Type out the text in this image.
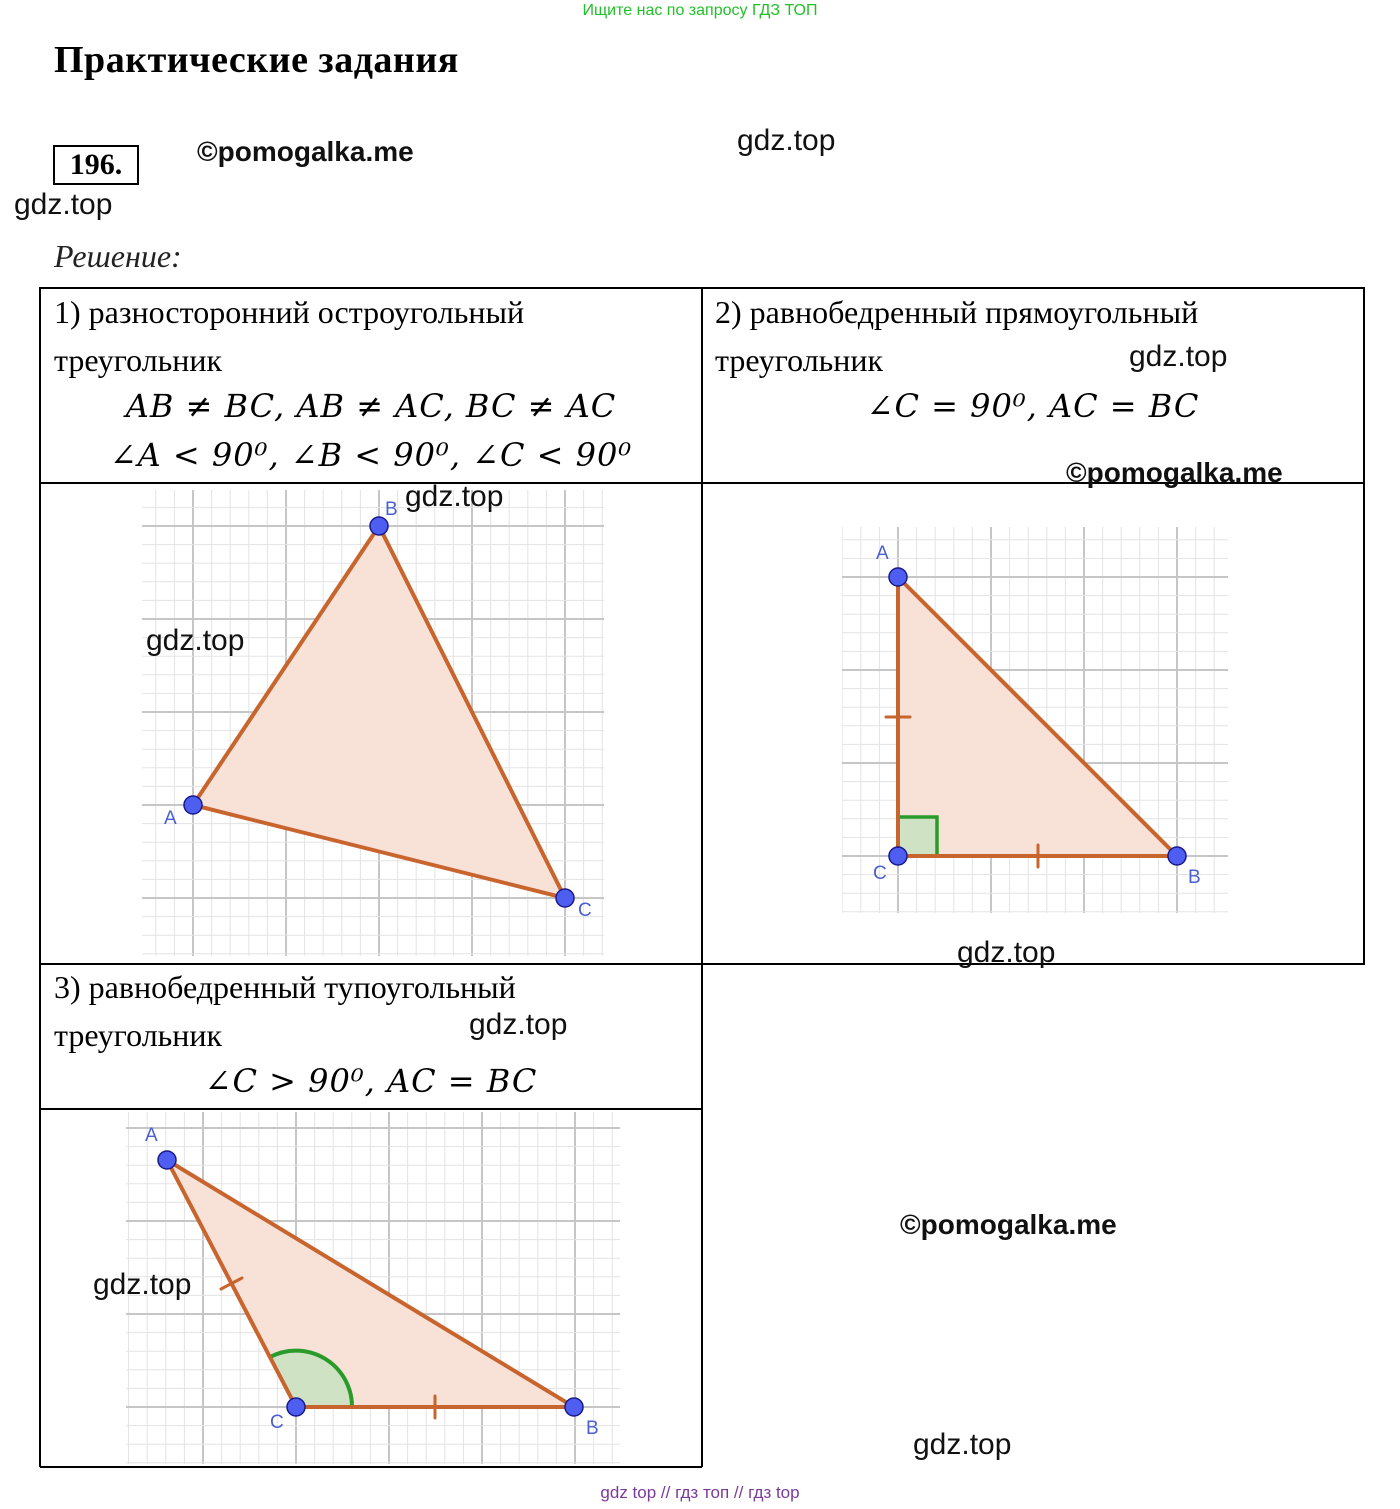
Ищите нас по запросу ГДЗ ТОП
Практические задания
196.	©pomogalka.me	gdz.top
gdz.top
Решение:
1) разносторонний остроугольный
треугольник
AB ≠ BC, AB ≠ AC, BC ≠ AC
∠A < 90⁰, ∠B < 90⁰, ∠C < 90⁰
2) равнобедренный прямоугольный
треугольник	gdz.top
∠C = 90⁰, AC = BC
©pomogalka.me
A
B
C
gdz.top
gdz.top
A
C	B
gdz.top
3) равнобедренный тупоугольный
треугольник	gdz.top
∠C > 90⁰, AC = BC
A
C	B
gdz.top
©pomogalka.me
gdz.top
gdz top // гдз топ // гдз top
